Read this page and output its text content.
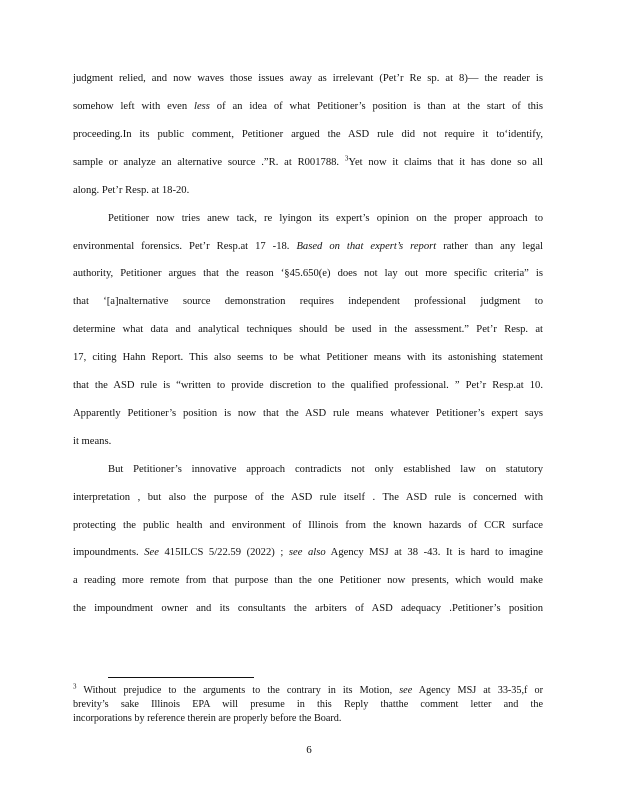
judgment relied, and now waves those issues away as irrelevant (Pet’r Re sp. at 8)— the reader is
somehow left with even less of an idea of what Petitioner’s position is than at the start of this
proceeding.In its public comment, Petitioner argued the ASD rule did not require it to‘identify,
sample or analyze an alternative source .”R. at R001788. $^3$Yet now it claims that it has done so all
along. Pet’r Resp. at 18-20.
Petitioner now tries anew tack, re lyingon its expert’s opinion on the proper approach to
environmental forensics. Pet’r Resp.at 17 -18. Based on that expert’s report rather than any legal
authority, Petitioner argues that the reason ‘§45.650(e) does not lay out more specific criteria” is
that ‘[a]nalternative source demonstration requires independent professional judgment to
determine what data and analytical techniques should be used in the assessment.” Pet’r Resp. at
17, citing Hahn Report. This also seems to be what Petitioner means with its astonishing statement
that the ASD rule is “written to provide discretion to the qualified professional. ” Pet’r Resp.at 10.
Apparently Petitioner’s position is now that the ASD rule means whatever Petitioner’s expert says
it means.
But Petitioner’s innovative approach contradicts not only established law on statutory
interpretation , but also the purpose of the ASD rule itself . The ASD rule is concerned with
protecting the public health and environment of Illinois from the known hazards of CCR surface
impoundments. See 415ILCS 5/22.59 (2022) ; see also Agency MSJ at 38 -43. It is hard to imagine
a reading more remote from that purpose than the one Petitioner now presents, which would make
the impoundment owner and its consultants the arbiters of ASD adequacy .Petitioner’s position
$^3$ Without prejudice to the arguments to the contrary in its Motion, see Agency MSJ at 33-35,f or
brevity’s sake Illinois EPA will presume in this Reply thatthe comment letter and the
incorporations by reference therein are properly before the Board.
6
